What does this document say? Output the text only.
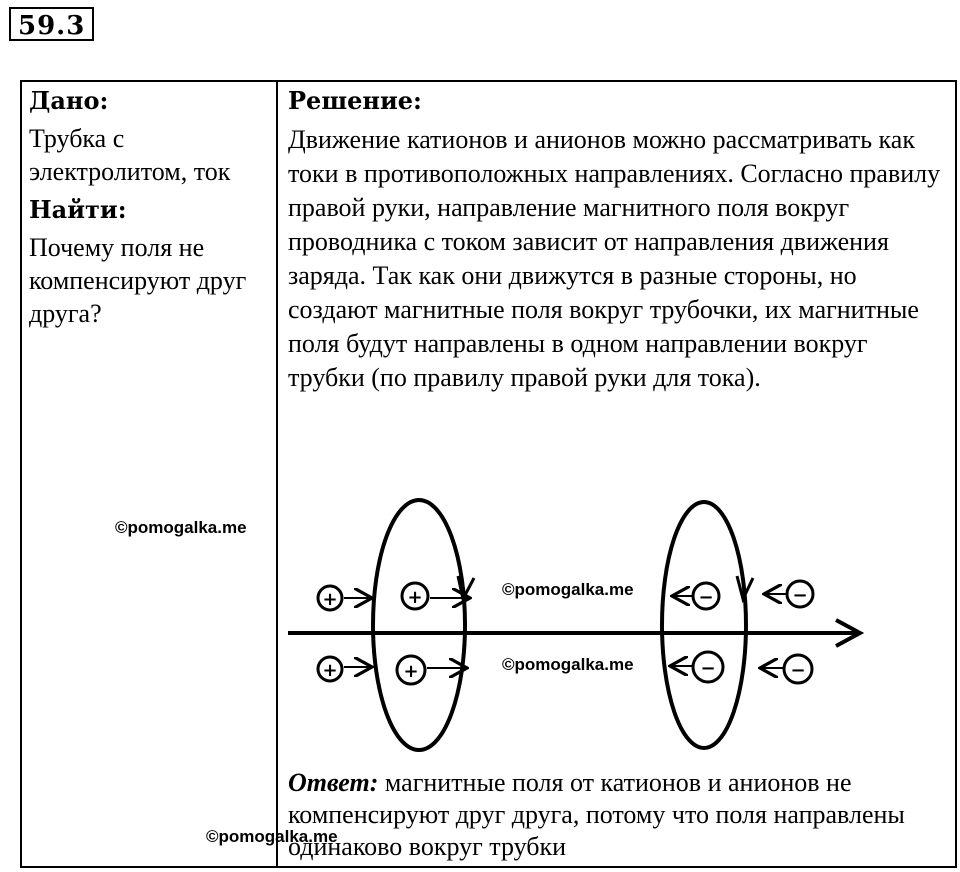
59.3
Дано:
Трубка с электролитом, ток
Найти:
Почему поля не компенсируют друг друга?
Решение:
Движение катионов и анионов можно рассматривать как токи в противоположных направлениях. Согласно правилу правой руки, направление магнитного поля вокруг проводника с током зависит от направления движения заряда. Так как они движутся в разные стороны, но создают магнитные поля вокруг трубочки, их магнитные поля будут направлены в одном направлении вокруг трубки (по правилу правой руки для тока).
©pomogalka.me
+	+
+	+
−	−
−	−
©pomogalka.me
©pomogalka.me
Ответ: магнитные поля от катионов и анионов не компенсируют друг друга, потому что поля направлены одинаково вокруг трубки
©pomogalka.me
